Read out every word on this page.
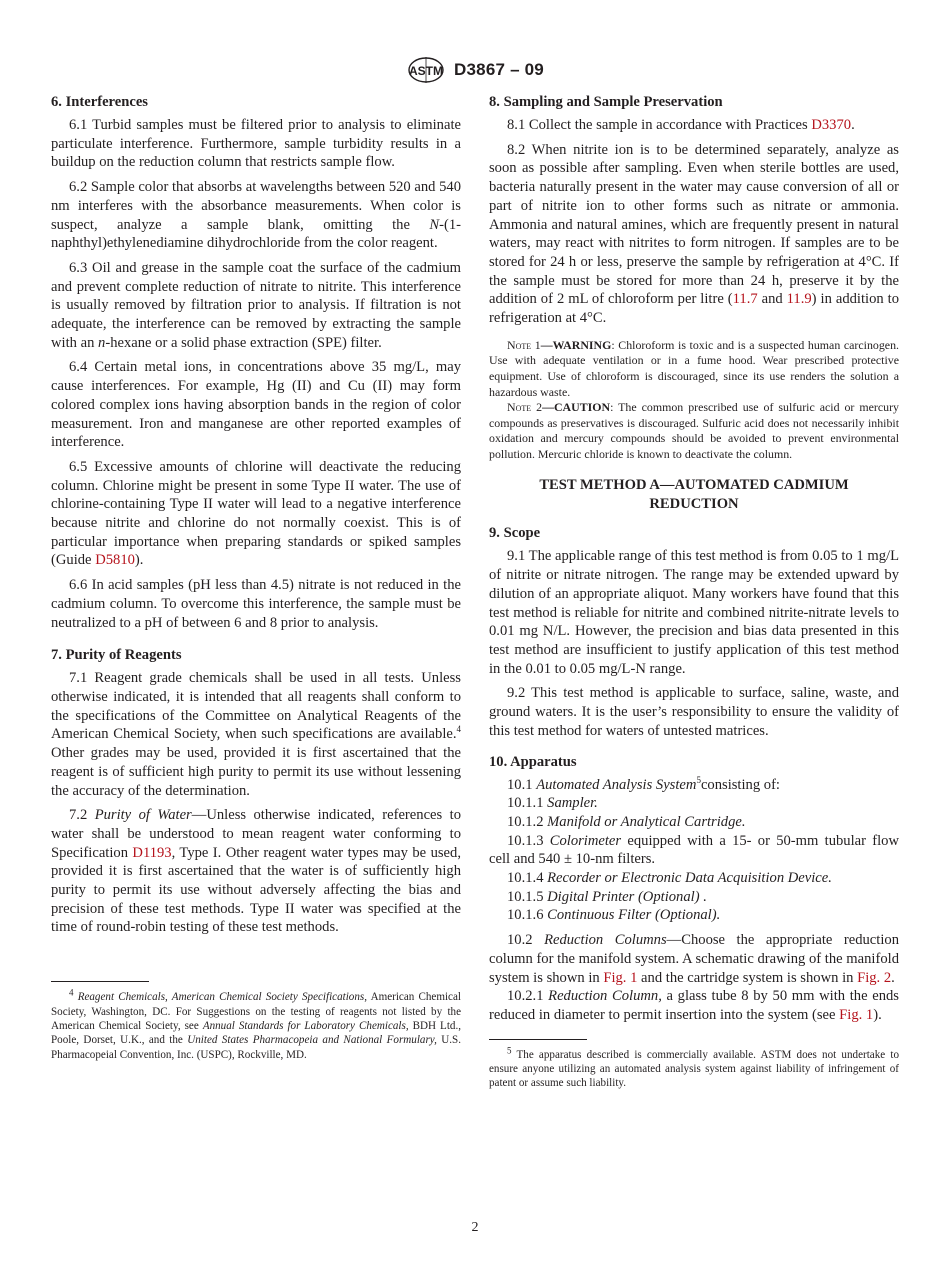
ASTM D3867 – 09
6. Interferences

6.1 Turbid samples must be filtered prior to analysis to eliminate particulate interference. Furthermore, sample turbidity results in a buildup on the reduction column that restricts sample flow.

6.2 Sample color that absorbs at wavelengths between 520 and 540 nm interferes with the absorbance measurements. When color is suspect, analyze a sample blank, omitting the N-(1-naphthyl)ethylenediamine dihydrochloride from the color reagent.

6.3 Oil and grease in the sample coat the surface of the cadmium and prevent complete reduction of nitrate to nitrite. This interference is usually removed by filtration prior to analysis. If filtration is not adequate, the interference can be removed by extracting the sample with an n-hexane or a solid phase extraction (SPE) filter.

6.4 Certain metal ions, in concentrations above 35 mg/L, may cause interferences. For example, Hg (II) and Cu (II) may form colored complex ions having absorption bands in the region of color measurement. Iron and manganese are other reported examples of interference.

6.5 Excessive amounts of chlorine will deactivate the reducing column. Chlorine might be present in some Type II water. The use of chlorine-containing Type II water will lead to a negative interference because nitrite and chlorine do not normally coexist. This is of particular importance when preparing standards or spiked samples (Guide D5810).

6.6 In acid samples (pH less than 4.5) nitrate is not reduced in the cadmium column. To overcome this interference, the sample must be neutralized to a pH of between 6 and 8 prior to analysis.

7. Purity of Reagents

7.1 Reagent grade chemicals shall be used in all tests. Unless otherwise indicated, it is intended that all reagents shall conform to the specifications of the Committee on Analytical Reagents of the American Chemical Society, when such specifications are available.$^4$ Other grades may be used, provided it is first ascertained that the reagent is of sufficient high purity to permit its use without lessening the accuracy of the determination.

7.2 Purity of Water—Unless otherwise indicated, references to water shall be understood to mean reagent water conforming to Specification D1193, Type I. Other reagent water types may be used, provided it is first ascertained that the water is of sufficiently high purity to permit its use without adversely affecting the bias and precision of these test methods. Type II water was specified at the time of round-robin testing of these test methods.

$^4$ Reagent Chemicals, American Chemical Society Specifications, American Chemical Society, Washington, DC. For Suggestions on the testing of reagents not listed by the American Chemical Society, see Annual Standards for Laboratory Chemicals, BDH Ltd., Poole, Dorset, U.K., and the United States Pharmacopeia and National Formulary, U.S. Pharmacopeial Convention, Inc. (USPC), Rockville, MD.

8. Sampling and Sample Preservation

8.1 Collect the sample in accordance with Practices D3370.

8.2 When nitrite ion is to be determined separately, analyze as soon as possible after sampling. Even when sterile bottles are used, bacteria naturally present in the water may cause conversion of all or part of nitrite ion to other forms such as nitrate or ammonia. Ammonia and natural amines, which are frequently present in natural waters, may react with nitrites to form nitrogen. If samples are to be stored for 24 h or less, preserve the sample by refrigeration at 4°C. If the sample must be stored for more than 24 h, preserve it by the addition of 2 mL of chloroform per litre (11.7 and 11.9) in addition to refrigeration at 4°C.

Note 1—WARNING: Chloroform is toxic and is a suspected human carcinogen. Use with adequate ventilation or in a fume hood. Wear prescribed protective equipment. Use of chloroform is discouraged, since its use renders the solution a hazardous waste.

Note 2—CAUTION: The common prescribed use of sulfuric acid or mercury compounds as preservatives is discouraged. Sulfuric acid does not necessarily inhibit oxidation and mercury compounds should be avoided to prevent environmental pollution. Mercuric chloride is known to deactivate the column.

TEST METHOD A—AUTOMATED CADMIUM
REDUCTION
9. Scope

9.1 The applicable range of this test method is from 0.05 to 1 mg/L of nitrite or nitrate nitrogen. The range may be extended upward by dilution of an appropriate aliquot. Many workers have found that this test method is reliable for nitrite and combined nitrite-nitrate levels to 0.01 mg N/L. However, the precision and bias data presented in this test method are insufficient to justify application of this test method in the 0.01 to 0.05 mg/L-N range.

9.2 This test method is applicable to surface, saline, waste, and ground waters. It is the user’s responsibility to ensure the validity of this test method for waters of untested matrices.

10. Apparatus

10.1 Automated Analysis System$^5$consisting of:

10.1.1 Sampler.

10.1.2 Manifold or Analytical Cartridge.

10.1.3 Colorimeter equipped with a 15- or 50-mm tubular flow cell and 540 ± 10-nm filters.

10.1.4 Recorder or Electronic Data Acquisition Device.

10.1.5 Digital Printer (Optional) .

10.1.6 Continuous Filter (Optional).

10.2 Reduction Columns—Choose the appropriate reduction column for the manifold system. A schematic drawing of the manifold system is shown in Fig. 1 and the cartridge system is shown in Fig. 2.

10.2.1 Reduction Column, a glass tube 8 by 50 mm with the ends reduced in diameter to permit insertion into the system (see Fig. 1).

$^5$ The apparatus described is commercially available. ASTM does not undertake to ensure anyone utilizing an automated analysis system against liability of infringement of patent or assume such liability.

2
